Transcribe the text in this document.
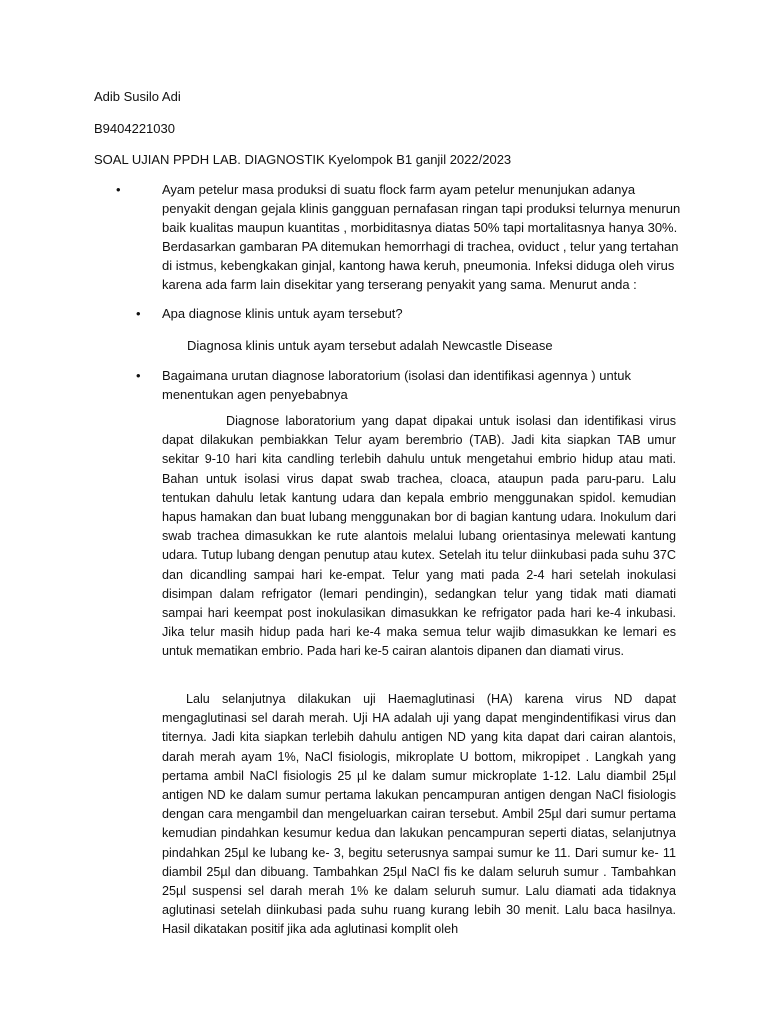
Adib Susilo Adi
B9404221030
SOAL UJIAN PPDH LAB. DIAGNOSTIK Kyelompok B1 ganjil 2022/2023
•	Ayam petelur masa produksi di suatu flock farm ayam petelur menunjukan adanya penyakit dengan gejala klinis gangguan pernafasan ringan tapi produksi telurnya menurun baik kualitas maupun kuantitas , morbiditasnya diatas 50% tapi mortalitasnya hanya 30%. Berdasarkan gambaran PA ditemukan hemorrhagi di trachea, oviduct , telur yang tertahan di istmus, kebengkakan ginjal, kantong hawa keruh, pneumonia. Infeksi diduga oleh virus karena ada farm lain disekitar yang terserang penyakit yang sama. Menurut anda :
• Apa diagnose klinis untuk ayam tersebut?
Diagnosa klinis untuk ayam tersebut adalah Newcastle Disease
• Bagaimana urutan diagnose laboratorium (isolasi dan identifikasi agennya ) untuk menentukan agen penyebabnya

Diagnose laboratorium yang dapat dipakai untuk isolasi dan identifikasi virus dapat dilakukan pembiakkan Telur ayam berembrio (TAB). Jadi kita siapkan TAB umur sekitar 9-10 hari kita candling terlebih dahulu untuk mengetahui embrio hidup atau mati. Bahan untuk isolasi virus dapat swab trachea, cloaca, ataupun pada paru-paru. Lalu tentukan dahulu letak kantung udara dan kepala embrio menggunakan spidol. kemudian hapus hamakan dan buat lubang menggunakan bor di bagian kantung udara. Inokulum dari swab trachea dimasukkan ke rute alantois melalui lubang orientasinya melewati kantung udara. Tutup lubang dengan penutup atau kutex. Setelah itu telur diinkubasi pada suhu 37C dan dicandling sampai hari ke-empat. Telur yang mati pada 2-4 hari setelah inokulasi disimpan dalam refrigator (lemari pendingin), sedangkan telur yang tidak mati diamati sampai hari keempat post inokulasikan dimasukkan ke refrigator pada hari ke-4 inkubasi. Jika telur masih hidup pada hari ke-4 maka semua telur wajib dimasukkan ke lemari es untuk mematikan embrio. Pada hari ke-5 cairan alantois dipanen dan diamati virus.

Lalu selanjutnya dilakukan uji Haemaglutinasi (HA) karena virus ND dapat mengaglutinasi sel darah merah. Uji HA adalah uji yang dapat mengindentifikasi virus dan titernya. Jadi kita siapkan terlebih dahulu antigen ND yang kita dapat dari cairan alantois, darah merah ayam 1%, NaCl fisiologis, mikroplate U bottom, mikropipet . Langkah yang pertama ambil NaCl fisiologis 25 µl ke dalam sumur mickroplate 1-12. Lalu diambil 25µl antigen ND ke dalam sumur pertama lakukan pencampuran antigen dengan NaCl fisiologis dengan cara mengambil dan mengeluarkan cairan tersebut. Ambil 25µl dari sumur pertama kemudian pindahkan kesumur kedua dan lakukan pencampuran seperti diatas, selanjutnya pindahkan 25µl ke lubang ke- 3, begitu seterusnya sampai sumur ke 11. Dari sumur ke- 11 diambil 25µl dan dibuang. Tambahkan 25µl NaCl fis ke dalam seluruh sumur . Tambahkan 25µl suspensi sel darah merah 1% ke dalam seluruh sumur. Lalu diamati ada tidaknya aglutinasi setelah diinkubasi pada suhu ruang kurang lebih 30 menit. Lalu baca hasilnya. Hasil dikatakan positif jika ada aglutinasi komplit oleh
